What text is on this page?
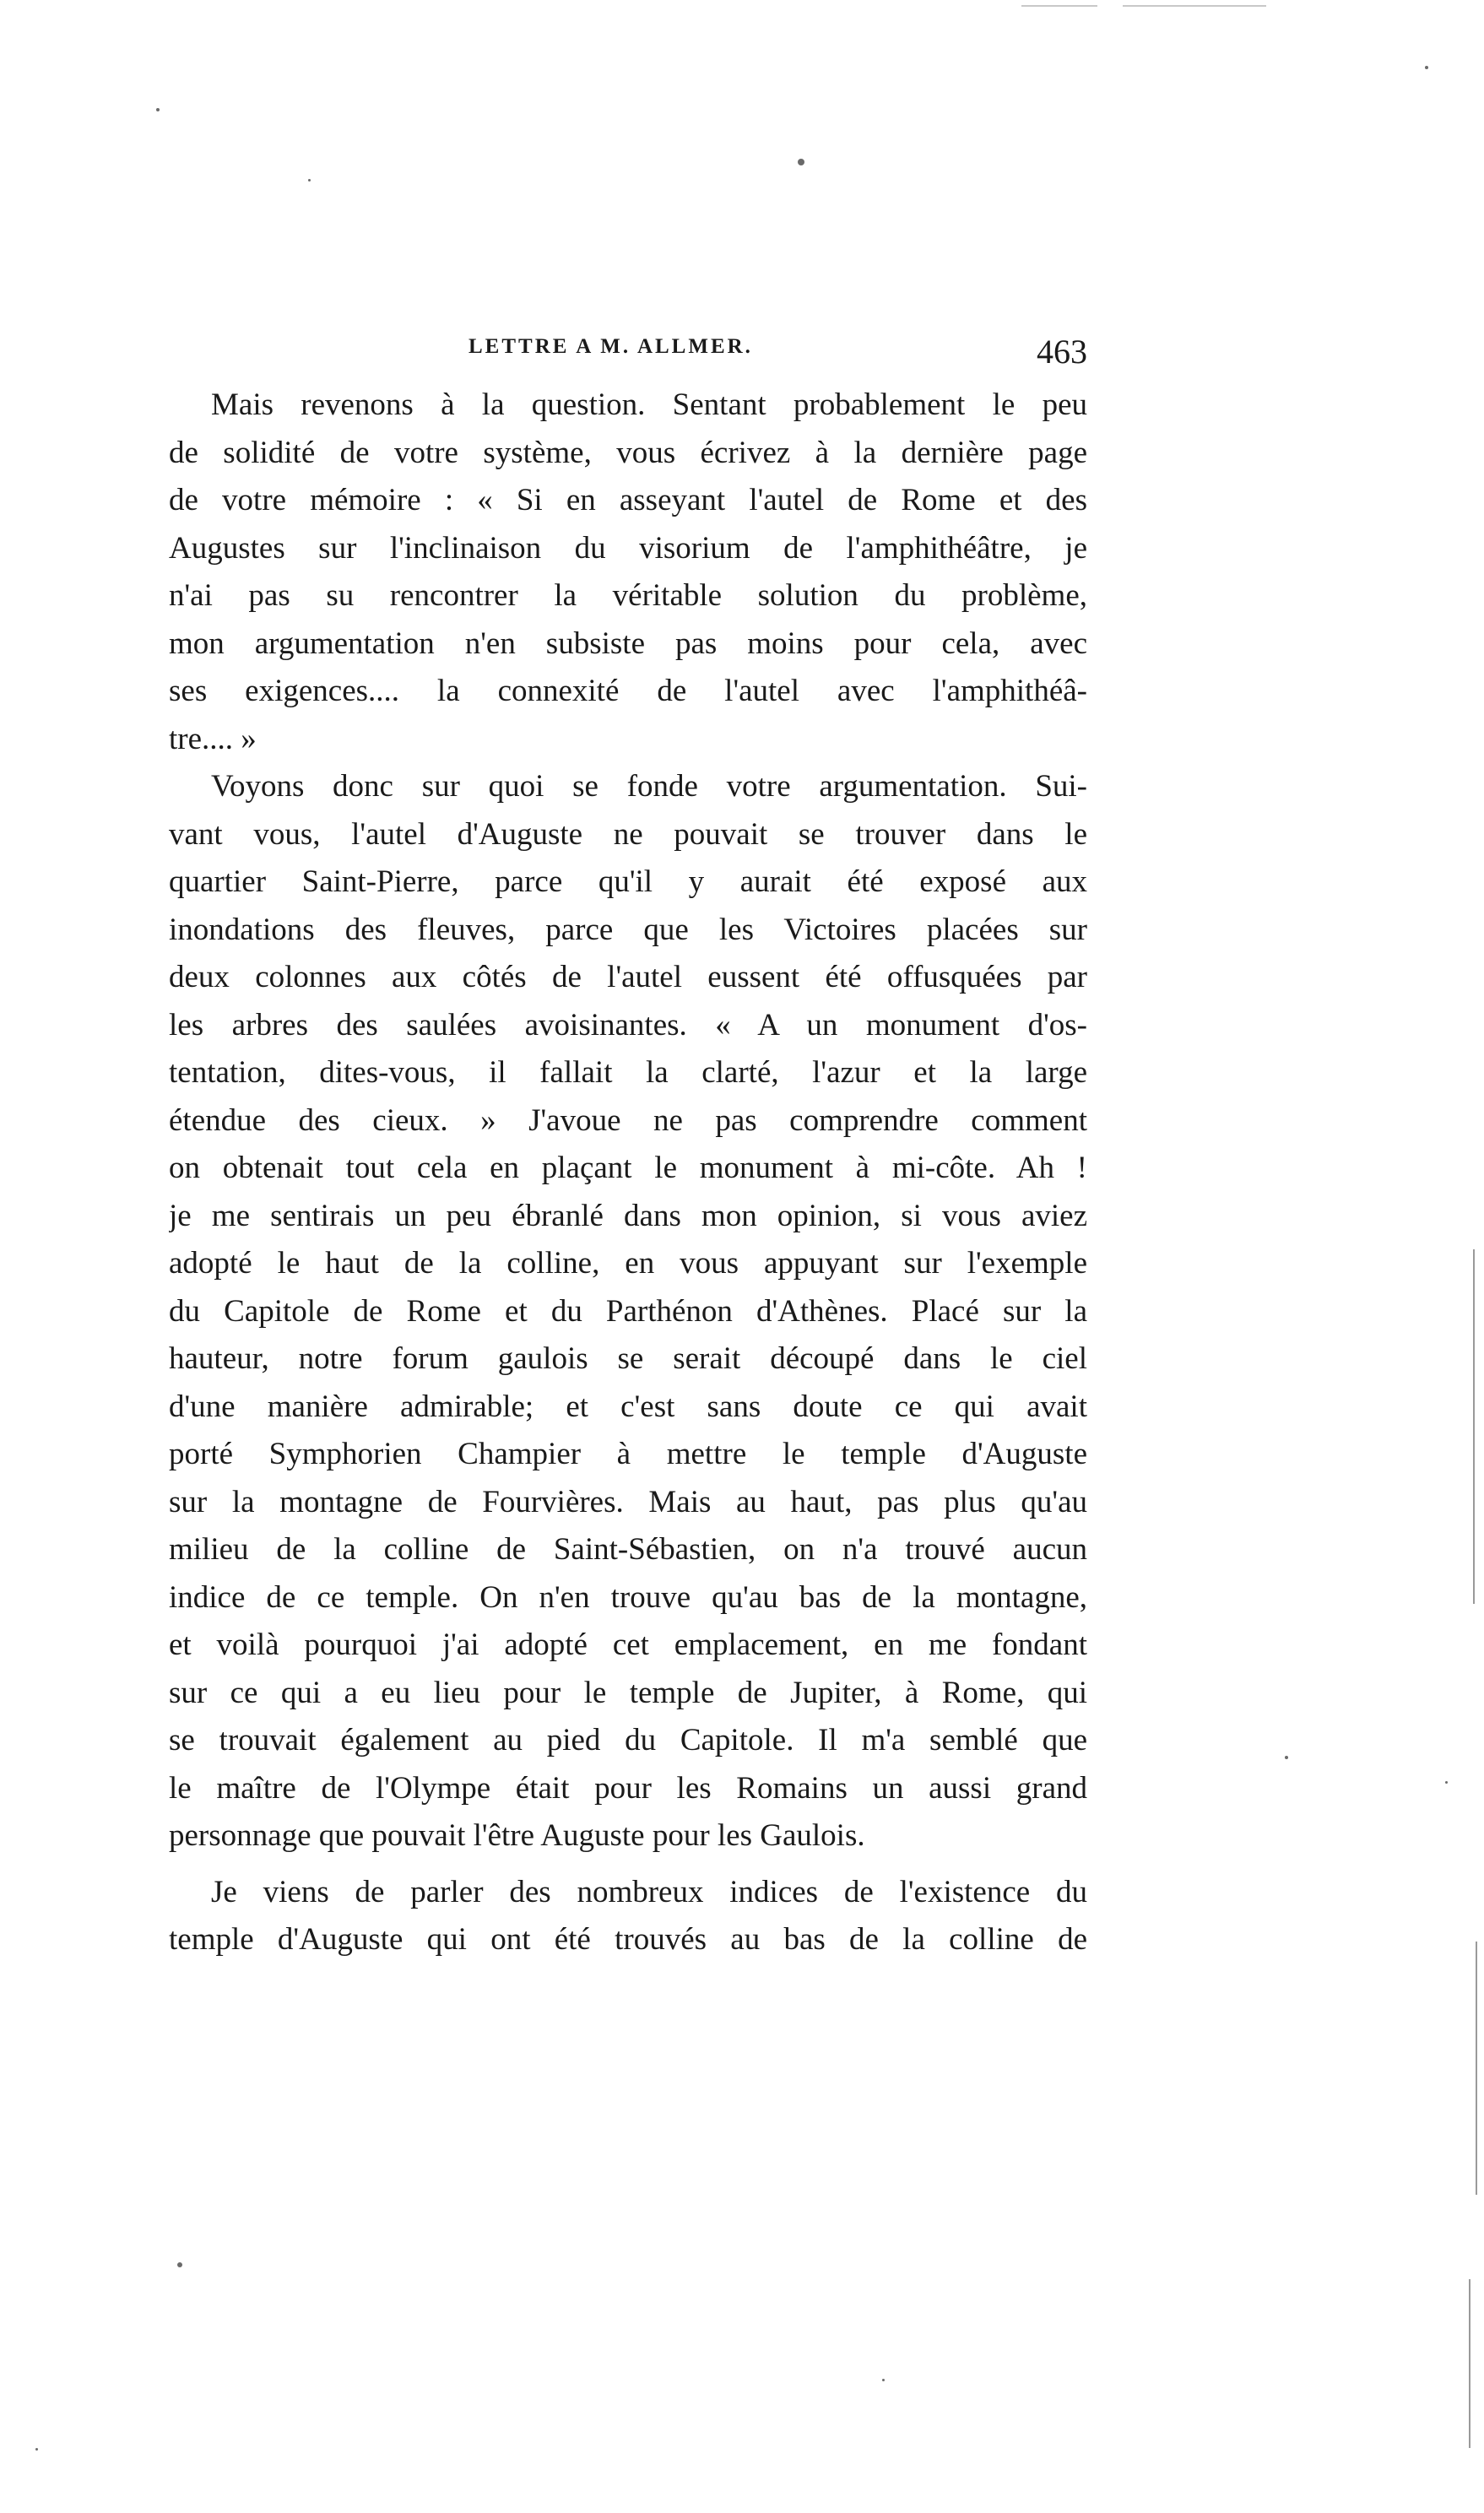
LETTRE A M. ALLMER.	463
Mais revenons à la question. Sentant probablement le peu
de solidité de votre système, vous écrivez à la dernière page
de votre mémoire : « Si en asseyant l'autel de Rome et des
Augustes sur l'inclinaison du visorium de l'amphithéâtre, je
n'ai pas su rencontrer la véritable solution du problème,
mon argumentation n'en subsiste pas moins pour cela, avec
ses exigences.... la connexité de l'autel avec l'amphithéâ-
tre.... »
Voyons donc sur quoi se fonde votre argumentation. Sui-
vant vous, l'autel d'Auguste ne pouvait se trouver dans le
quartier Saint-Pierre, parce qu'il y aurait été exposé aux
inondations des fleuves, parce que les Victoires placées sur
deux colonnes aux côtés de l'autel eussent été offusquées par
les arbres des saulées avoisinantes. « A un monument d'os-
tentation, dites-vous, il fallait la clarté, l'azur et la large
étendue des cieux. » J'avoue ne pas comprendre comment
on obtenait tout cela en plaçant le monument à mi-côte. Ah !
je me sentirais un peu ébranlé dans mon opinion, si vous aviez
adopté le haut de la colline, en vous appuyant sur l'exemple
du Capitole de Rome et du Parthénon d'Athènes. Placé sur la
hauteur, notre forum gaulois se serait découpé dans le ciel
d'une manière admirable; et c'est sans doute ce qui avait
porté Symphorien Champier à mettre le temple d'Auguste
sur la montagne de Fourvières. Mais au haut, pas plus qu'au
milieu de la colline de Saint-Sébastien, on n'a trouvé aucun
indice de ce temple. On n'en trouve qu'au bas de la montagne,
et voilà pourquoi j'ai adopté cet emplacement, en me fondant
sur ce qui a eu lieu pour le temple de Jupiter, à Rome, qui
se trouvait également au pied du Capitole. Il m'a semblé que
le maître de l'Olympe était pour les Romains un aussi grand
personnage que pouvait l'être Auguste pour les Gaulois.
Je viens de parler des nombreux indices de l'existence du
temple d'Auguste qui ont été trouvés au bas de la colline de
